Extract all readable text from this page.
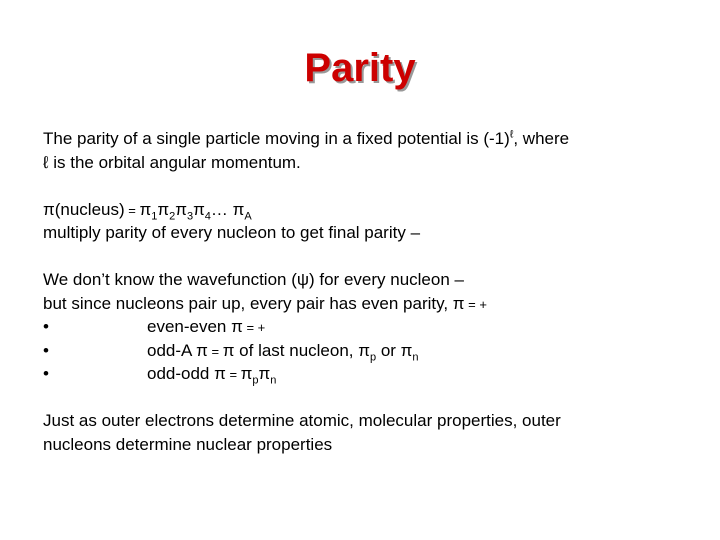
Parity
The parity of a single particle moving in a fixed potential is $(-1)^\ell$, where
ℓ is the orbital angular momentum.
π(nucleus) = $\pi_1\pi_2\pi_3\pi_4\dots$ $\pi_A$
multiply parity of every nucleon to get final parity –
We don’t know the wavefunction (ψ) for every nucleon –
but since nucleons pair up, every pair has even parity, π = +
•	even-even π = +
•	odd-A π = π of last nucleon, $\pi_p$ or $\pi_n$
•	odd-odd $\pi = \pi_p\pi_n$
Just as outer electrons determine atomic, molecular properties, outer
nucleons determine nuclear properties
